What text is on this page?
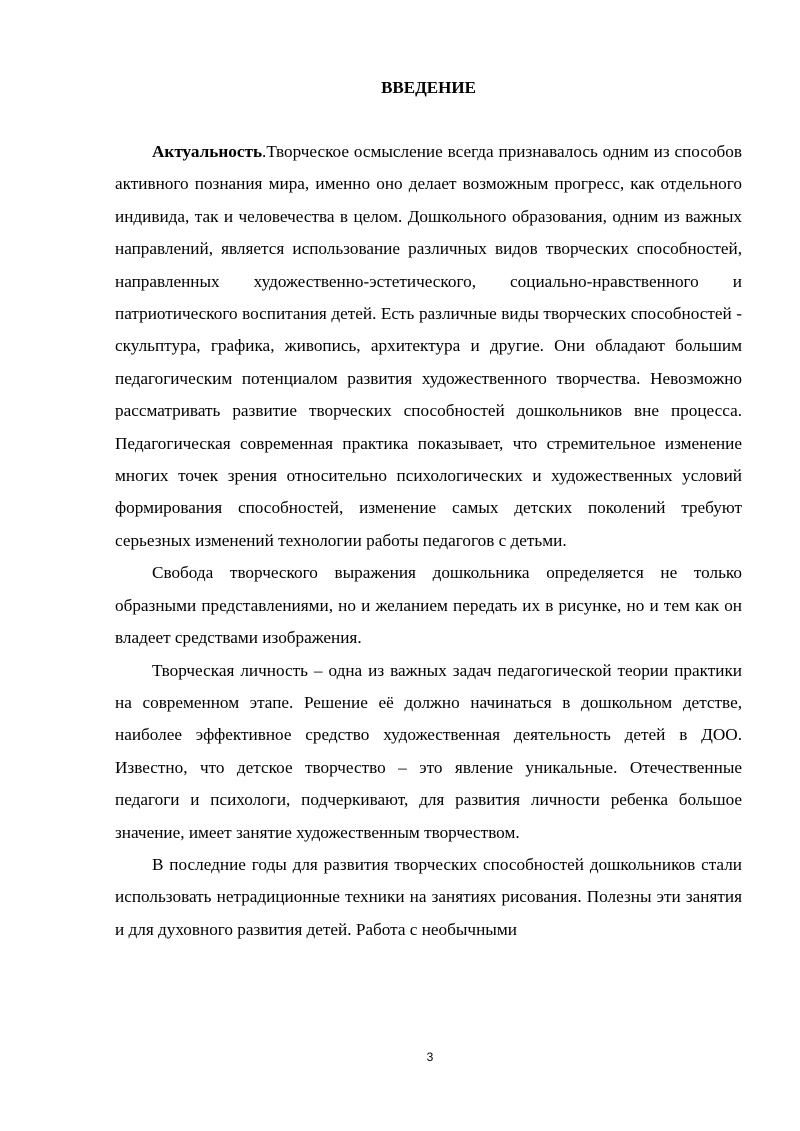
ВВЕДЕНИЕ

Актуальность.Творческое осмысление всегда признавалось одним из способов активного познания мира, именно оно делает возможным прогресс, как отдельного индивида, так и человечества в целом. Дошкольного образования, одним из важных направлений, является использование различных видов творческих способностей, направленных художественно-эстетического, социально-нравственного и патриотического воспитания детей. Есть различные виды творческих способностей - скульптура, графика, живопись, архитектура и другие. Они обладают большим педагогическим потенциалом развития художественного творчества. Невозможно рассматривать развитие творческих способностей дошкольников вне процесса. Педагогическая современная практика показывает, что стремительное изменение многих точек зрения относительно психологических и художественных условий формирования способностей, изменение самых детских поколений требуют серьезных изменений технологии работы педагогов с детьми.

Свобода творческого выражения дошкольника определяется не только образными представлениями, но и желанием передать их в рисунке, но и тем как он владеет средствами изображения.

Творческая личность – одна из важных задач педагогической теории практики на современном этапе. Решение её должно начинаться в дошкольном детстве, наиболее эффективное средство художественная деятельность детей в ДОО. Известно, что детское творчество – это явление уникальные. Отечественные педагоги и психологи, подчеркивают, для развития личности ребенка большое значение, имеет занятие художественным творчеством.

В последние годы для развития творческих способностей дошкольников стали использовать нетрадиционные техники на занятиях рисования. Полезны эти занятия и для духовного развития детей. Работа с необычными

3
